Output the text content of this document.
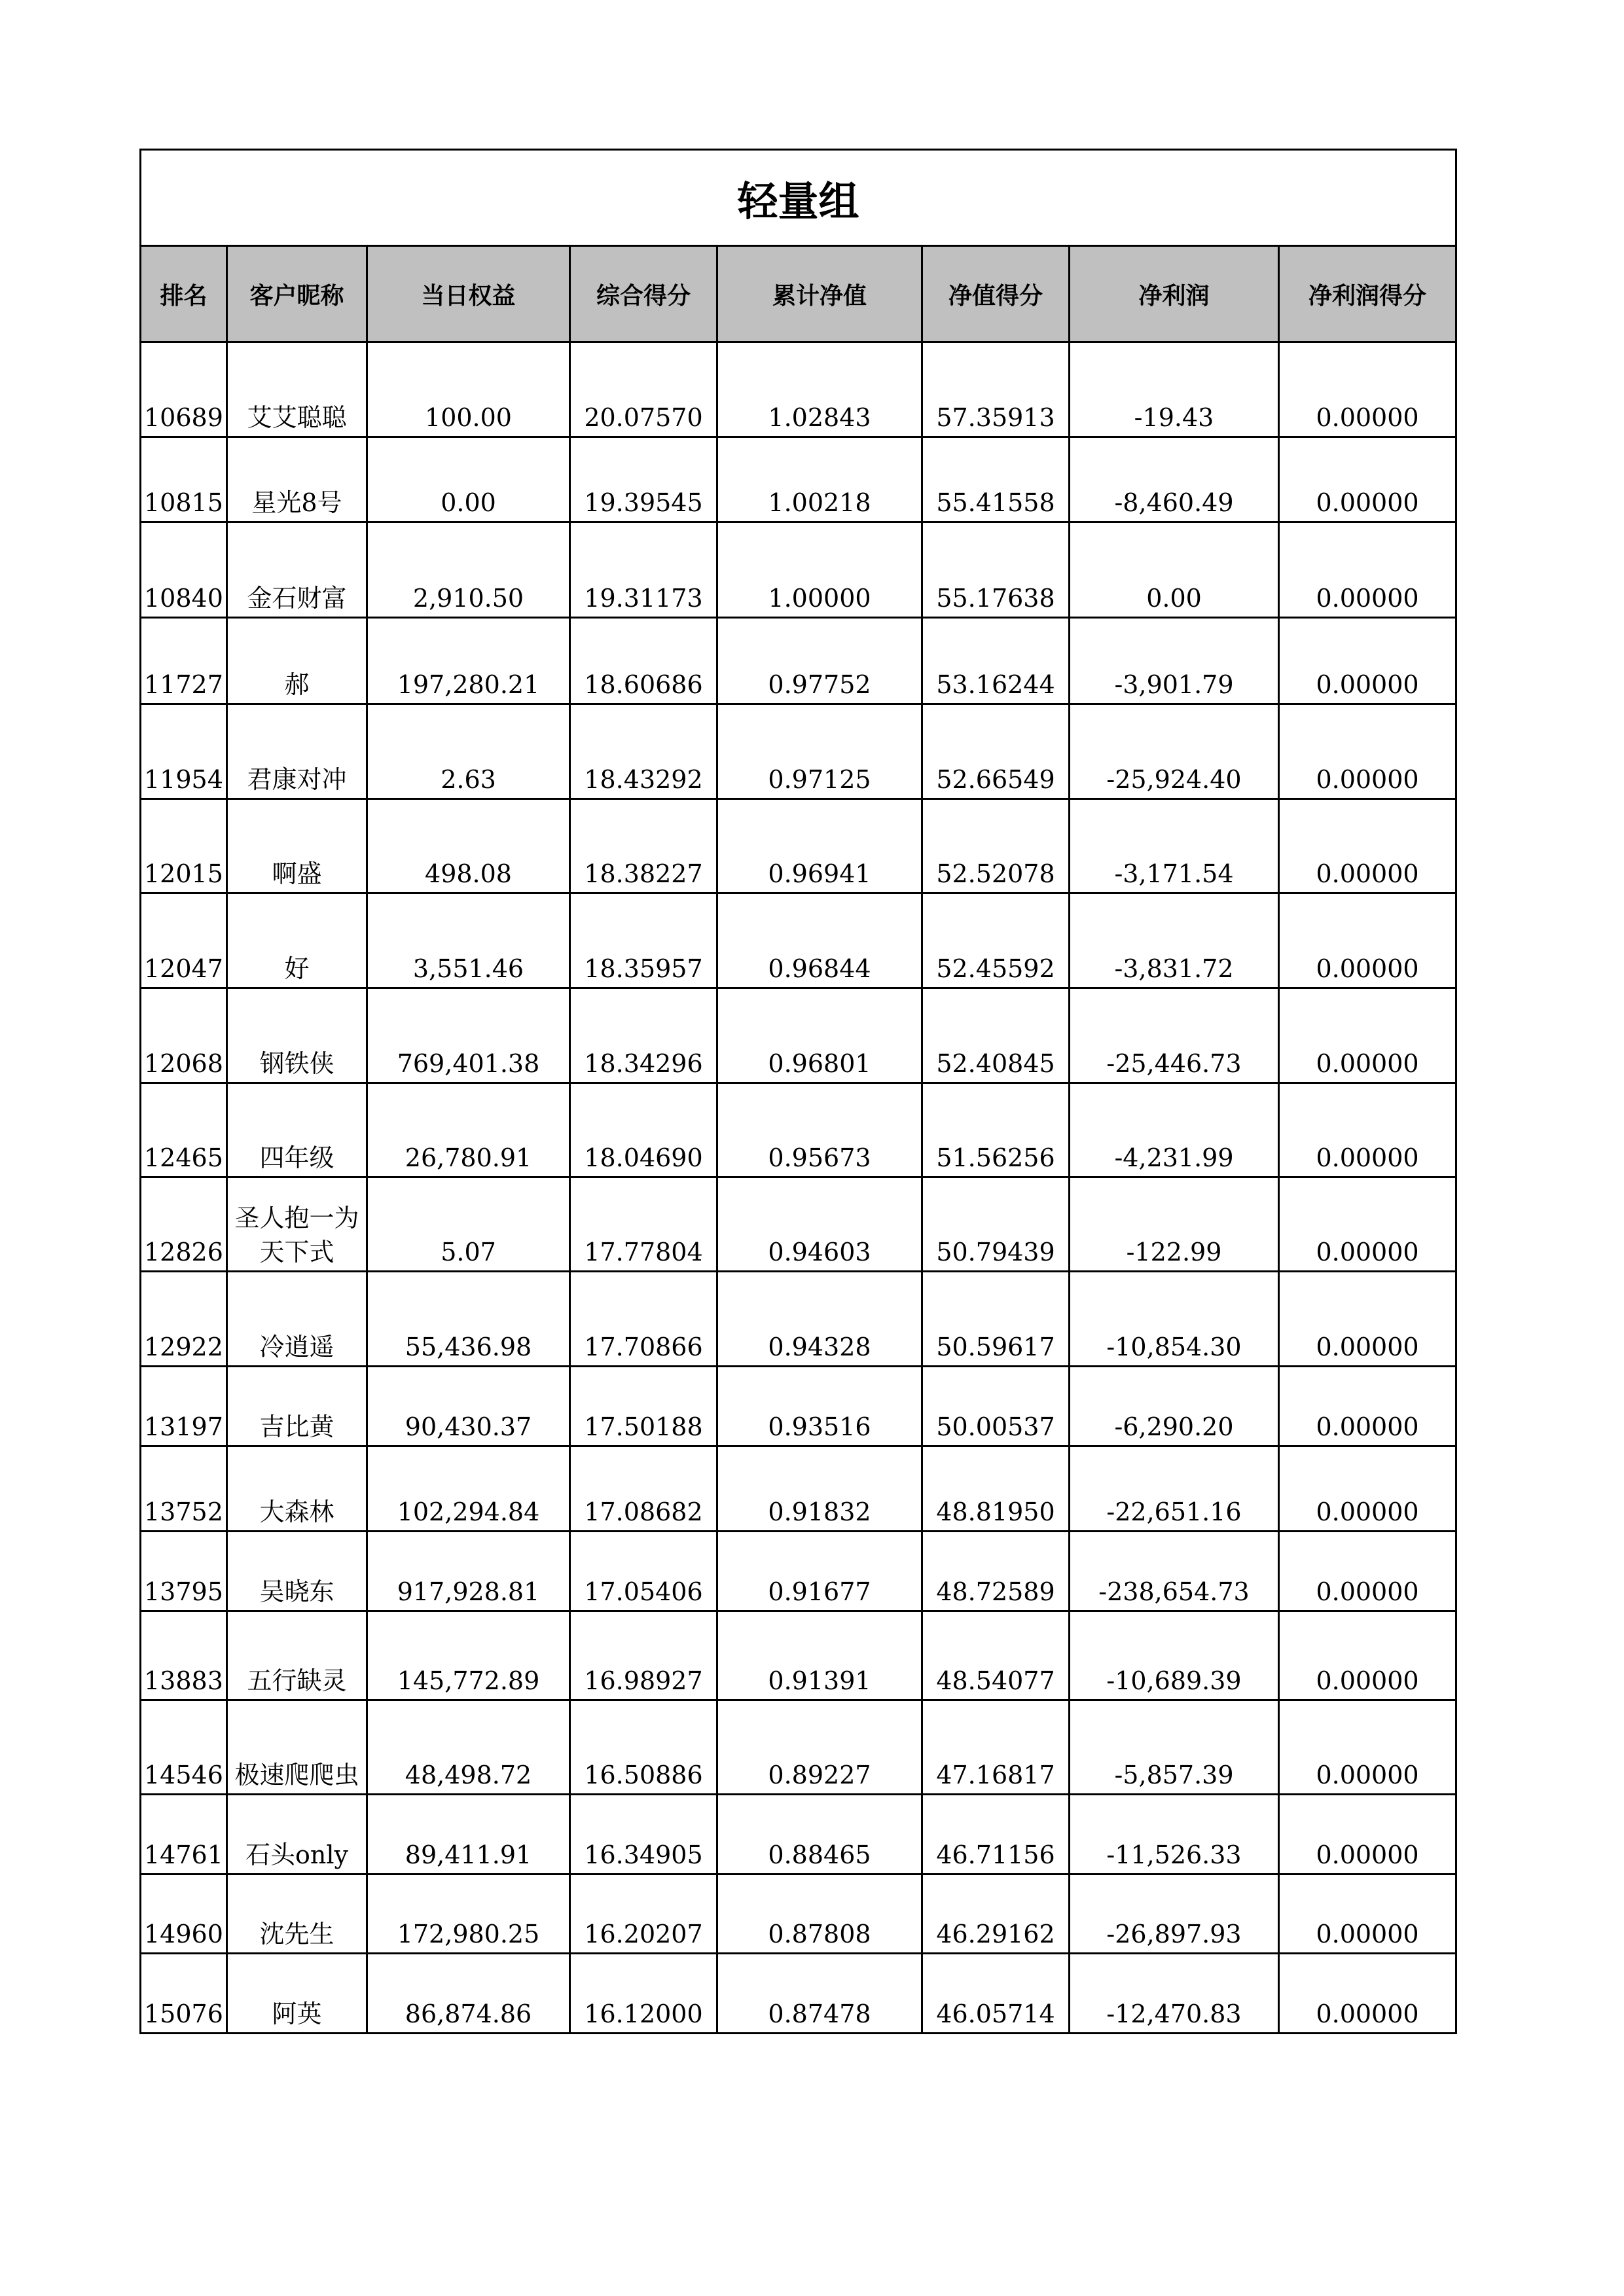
轻量组							
排名	客户昵称	当日权益	综合得分	累计净值	净值得分	净利润	净利润得分
10689	艾艾聪聪	100.00	20.07570	1.02843	57.35913	-19.43	0.00000
10815	星光8号	0.00	19.39545	1.00218	55.41558	-8,460.49	0.00000
10840	金石财富	2,910.50	19.31173	1.00000	55.17638	0.00	0.00000
11727	郝	197,280.21	18.60686	0.97752	53.16244	-3,901.79	0.00000
11954	君康对冲	2.63	18.43292	0.97125	52.66549	-25,924.40	0.00000
12015	啊盛	498.08	18.38227	0.96941	52.52078	-3,171.54	0.00000
12047	好	3,551.46	18.35957	0.96844	52.45592	-3,831.72	0.00000
12068	钢铁侠	769,401.38	18.34296	0.96801	52.40845	-25,446.73	0.00000
12465	四年级	26,780.91	18.04690	0.95673	51.56256	-4,231.99	0.00000
12826	圣人抱一为天下式	5.07	17.77804	0.94603	50.79439	-122.99	0.00000
12922	冷逍遥	55,436.98	17.70866	0.94328	50.59617	-10,854.30	0.00000
13197	吉比黄	90,430.37	17.50188	0.93516	50.00537	-6,290.20	0.00000
13752	大森林	102,294.84	17.08682	0.91832	48.81950	-22,651.16	0.00000
13795	吴晓东	917,928.81	17.05406	0.91677	48.72589	-238,654.73	0.00000
13883	五行缺灵	145,772.89	16.98927	0.91391	48.54077	-10,689.39	0.00000
14546	极速爬爬虫	48,498.72	16.50886	0.89227	47.16817	-5,857.39	0.00000
14761	石头only	89,411.91	16.34905	0.88465	46.71156	-11,526.33	0.00000
14960	沈先生	172,980.25	16.20207	0.87808	46.29162	-26,897.93	0.00000
15076	阿英	86,874.86	16.12000	0.87478	46.05714	-12,470.83	0.00000
